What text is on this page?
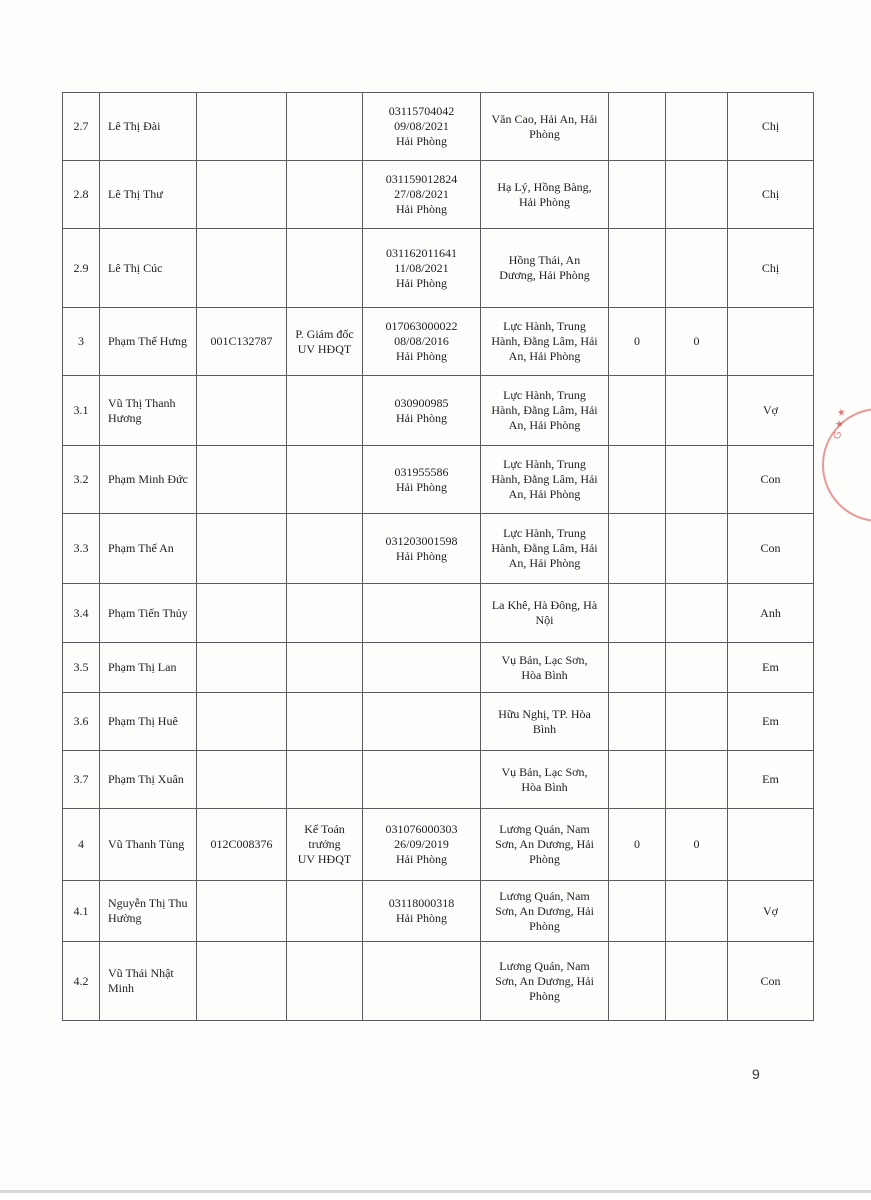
2.7	Lê Thị Đài			03115704042
09/08/2021
Hải Phòng	Văn Cao, Hải An, Hải
Phòng			Chị

2.8	Lê Thị Thư			031159012824
27/08/2021
Hải Phòng	Hạ Lý, Hồng Bàng,
Hải Phòng			Chị

2.9	Lê Thị Cúc			031162011641
11/08/2021
Hải Phòng	Hồng Thái, An
Dương, Hải Phòng			Chị

3	Phạm Thế Hưng	001C132787	P. Giám đốc
UV HĐQT	017063000022
08/08/2016
Hải Phòng	Lực Hành, Trung
Hành, Đằng Lâm, Hải
An, Hải Phòng	0	0	

3.1	Vũ Thị Thanh
Hương			030900985
Hải Phòng	Lực Hành, Trung
Hành, Đằng Lâm, Hải
An, Hải Phòng			Vợ

3.2	Phạm Minh Đức			031955586
Hải Phòng	Lực Hành, Trung
Hành, Đằng Lâm, Hải
An, Hải Phòng			Con

3.3	Phạm Thế An			031203001598
Hải Phòng	Lực Hành, Trung
Hành, Đằng Lâm, Hải
An, Hải Phòng			Con

3.4	Phạm Tiến Thủy				La Khê, Hà Đông, Hà
Nội			Anh

3.5	Phạm Thị Lan				Vụ Bản, Lạc Sơn,
Hòa Bình			Em

3.6	Phạm Thị Huê				Hữu Nghị, TP. Hòa
Bình			Em

3.7	Phạm Thị Xuân				Vụ Bản, Lạc Sơn,
Hòa Bình			Em

4	Vũ Thanh Tùng	012C008376	Kế Toán
trưởng
UV HĐQT	031076000303
26/09/2019
Hải Phòng	Lương Quán, Nam
Sơn, An Dương, Hải
Phòng	0	0	

4.1	Nguyễn Thị Thu
Hường			03118000318
Hải Phòng	Lương Quán, Nam
Sơn, An Dương, Hải
Phòng			Vợ

4.2	Vũ Thái Nhật
Minh				Lương Quán, Nam
Sơn, An Dương, Hải
Phòng			Con
G ★ ★
9
